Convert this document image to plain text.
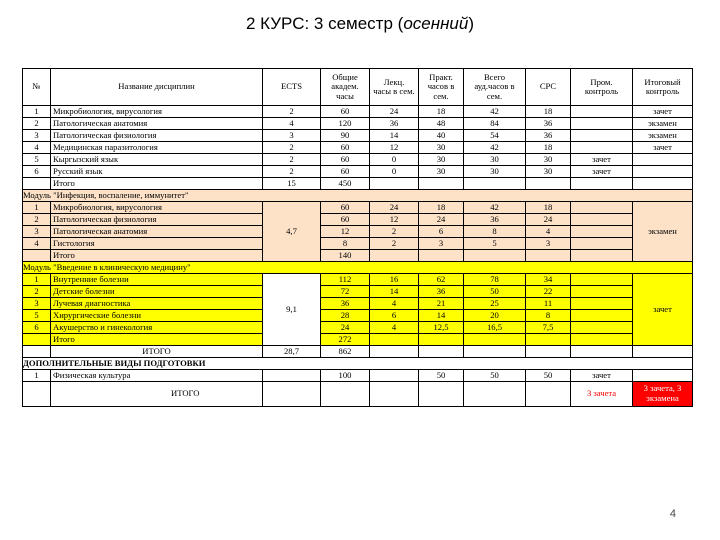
2 КУРС: 3 семестр (осенний)
№	Название дисциплин	ECTS	Общие
академ.
часы	Лекц.
часы в сем.	Практ.
часов в
сем.	Всего
ауд.часов в
сем.	СРС	Пром.
контроль	Итоговый
контроль
1	Микробиология, вирусология	2	60	24	18	42	18		зачет
2	Патологическая анатомия	4	120	36	48	84	36		экзамен
3	Патологическая физиология	3	90	14	40	54	36		экзамен
4	Медицинская паразитология	2	60	12	30	42	18		зачет
5	Кыргызский язык	2	60	0	30	30	30	зачет	
6	Русский язык	2	60	0	30	30	30	зачет	
	Итого	15	450						
Модуль "Инфекция, воспаление, иммунитет"									
1	Микробиология, вирусология	4,7	60	24	18	42	18		экзамен
2	Патологическая физиология		60	12	24	36	24		
3	Патологическая анатомия		12	2	6	8	4		
4	Гистология		8	2	3	5	3		
	Итого		140						
Модуль "Введение в клиническую медицину"									
1	Внутренние болезни	9,1	112	16	62	78	34		зачет
2	Детские болезни		72	14	36	50	22		
3	Лучевая диагностика		36	4	21	25	11		
5	Хирургические болезни		28	6	14	20	8		
6	Акушерство и гинекология		24	4	12,5	16,5	7,5		
	Итого		272						
	ИТОГО	28,7	862						
ДОПОЛНИТЕЛЬНЫЕ ВИДЫ ПОДГОТОВКИ									
1	Физическая культура		100		50	50	50	зачет	
	ИТОГО							3 зачета	3 зачета, 3 экзамена
4
